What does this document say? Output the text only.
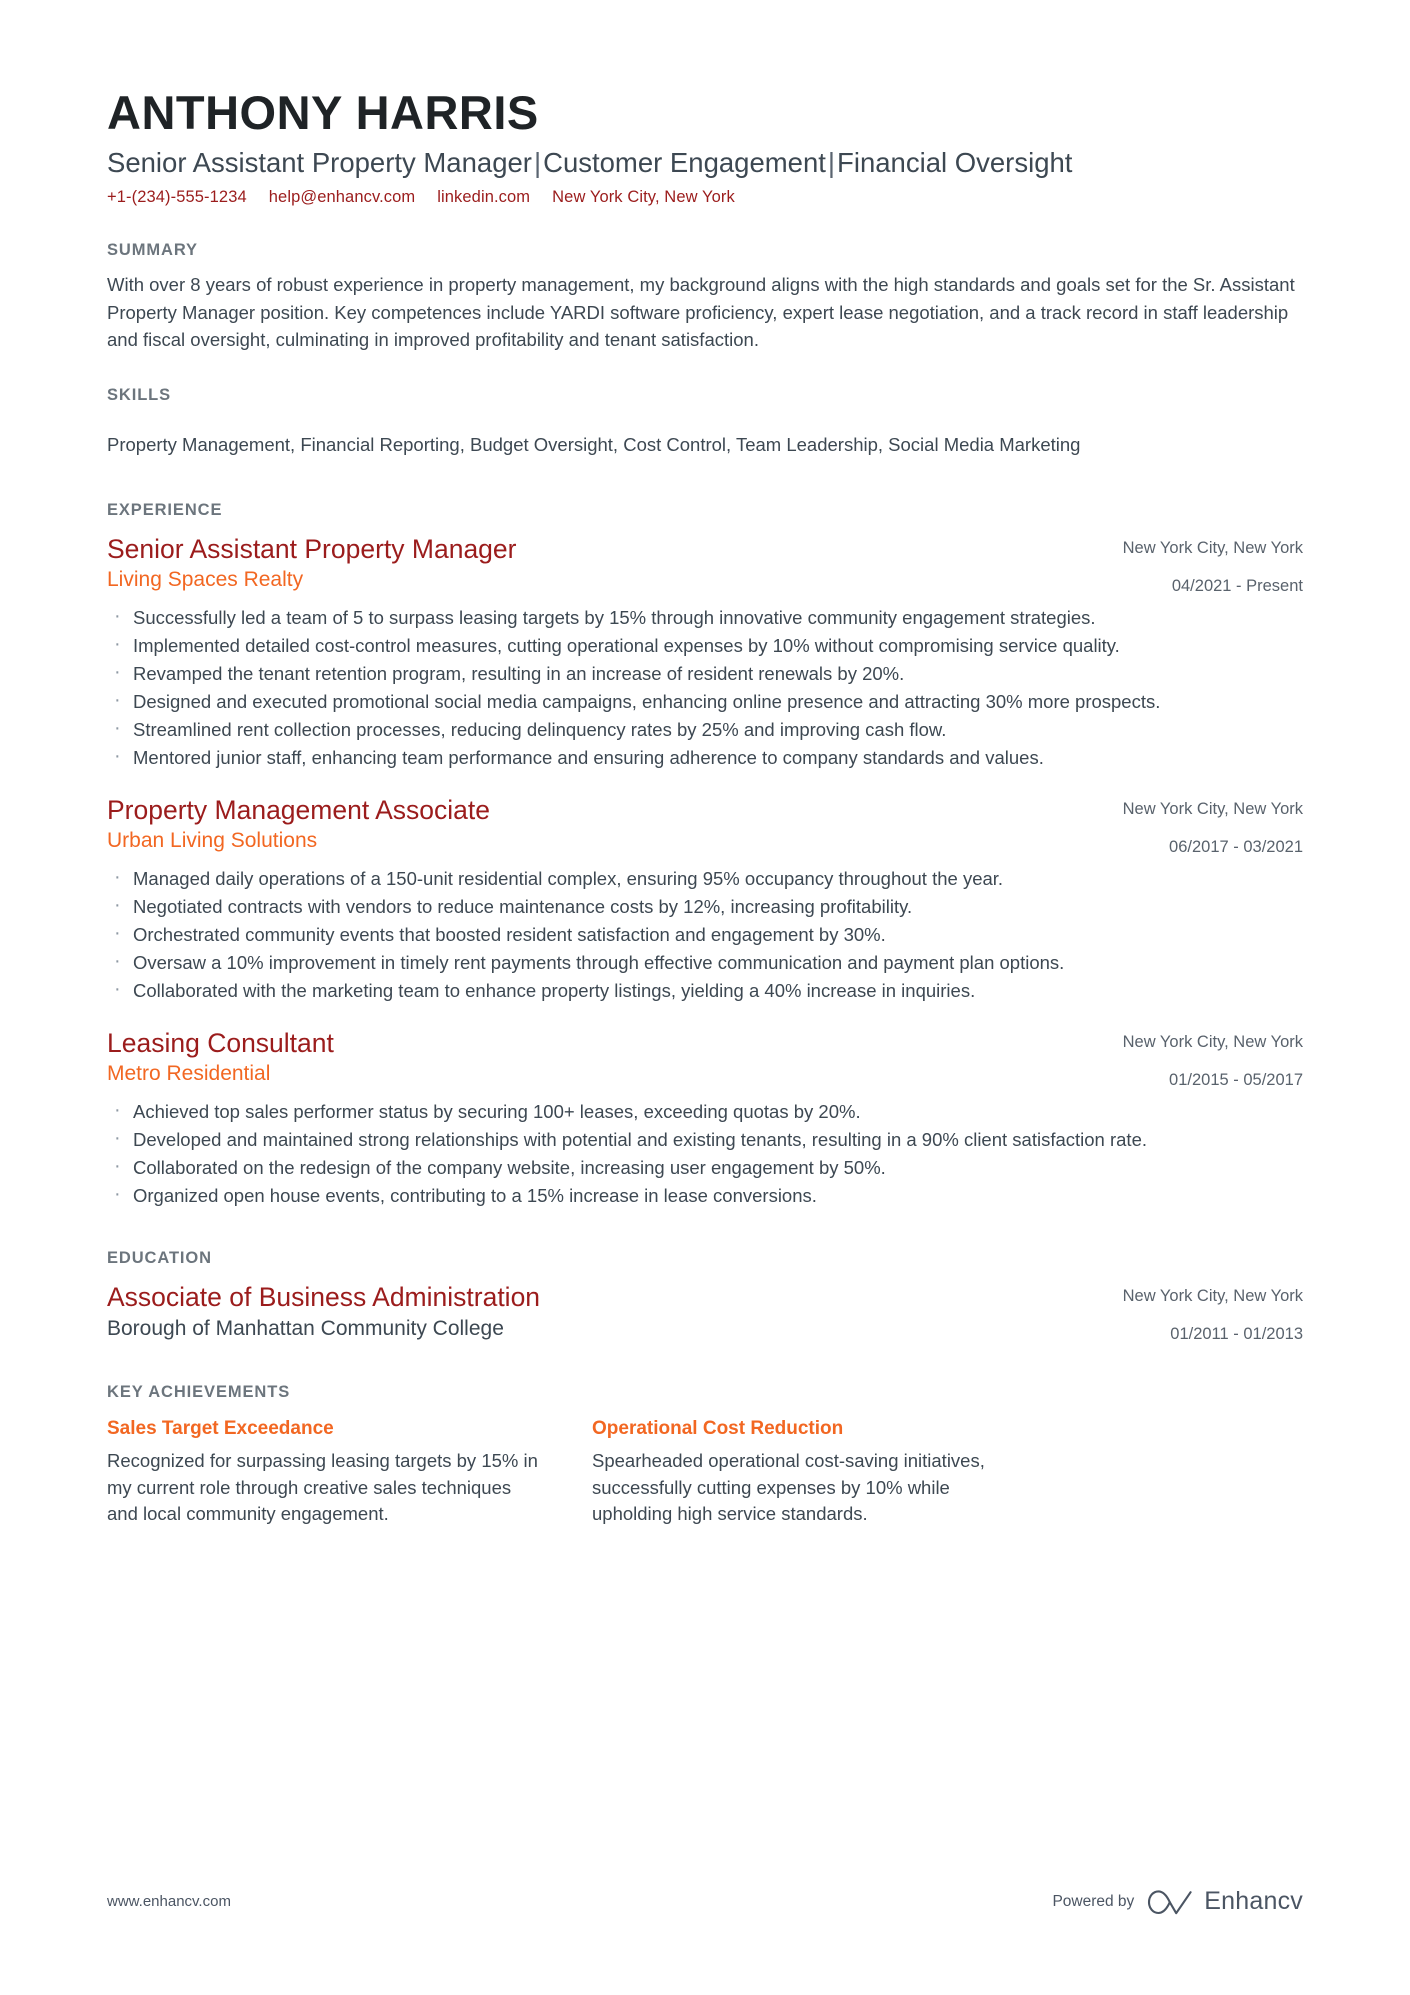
ANTHONY HARRIS
Senior Assistant Property Manager|Customer Engagement|Financial Oversight
+1-(234)-555-1234 help@enhancv.com linkedin.com New York City, New York
SUMMARY

With over 8 years of robust experience in property management, my background aligns with the high standards and goals set for the Sr. Assistant Property Manager position. Key competences include YARDI software proficiency, expert lease negotiation, and a track record in staff leadership and fiscal oversight, culminating in improved profitability and tenant satisfaction.

SKILLS
Property Management, Financial Reporting, Budget Oversight, Cost Control, Team Leadership, Social Media Marketing
EXPERIENCE
Senior Assistant Property Manager
Living Spaces Realty
New York City, New York
04/2021 - Present
· Successfully led a team of 5 to surpass leasing targets by 15% through innovative community engagement strategies.
· Implemented detailed cost-control measures, cutting operational expenses by 10% without compromising service quality.
· Revamped the tenant retention program, resulting in an increase of resident renewals by 20%.
· Designed and executed promotional social media campaigns, enhancing online presence and attracting 30% more prospects.
· Streamlined rent collection processes, reducing delinquency rates by 25% and improving cash flow.
· Mentored junior staff, enhancing team performance and ensuring adherence to company standards and values.
Property Management Associate
Urban Living Solutions
New York City, New York
06/2017 - 03/2021
· Managed daily operations of a 150-unit residential complex, ensuring 95% occupancy throughout the year.
· Negotiated contracts with vendors to reduce maintenance costs by 12%, increasing profitability.
· Orchestrated community events that boosted resident satisfaction and engagement by 30%.
· Oversaw a 10% improvement in timely rent payments through effective communication and payment plan options.
· Collaborated with the marketing team to enhance property listings, yielding a 40% increase in inquiries.
Leasing Consultant
Metro Residential
New York City, New York
01/2015 - 05/2017
· Achieved top sales performer status by securing 100+ leases, exceeding quotas by 20%.
· Developed and maintained strong relationships with potential and existing tenants, resulting in a 90% client satisfaction rate.
· Collaborated on the redesign of the company website, increasing user engagement by 50%.
· Organized open house events, contributing to a 15% increase in lease conversions.
EDUCATION
Associate of Business Administration
Borough of Manhattan Community College
New York City, New York
01/2011 - 01/2013
KEY ACHIEVEMENTS
Sales Target Exceedance

Recognized for surpassing leasing targets by 15% in my current role through creative sales techniques and local community engagement.

Operational Cost Reduction

Spearheaded operational cost-saving initiatives, successfully cutting expenses by 10% while upholding high service standards.

www.enhancv.com	Powered by	Enhancv
